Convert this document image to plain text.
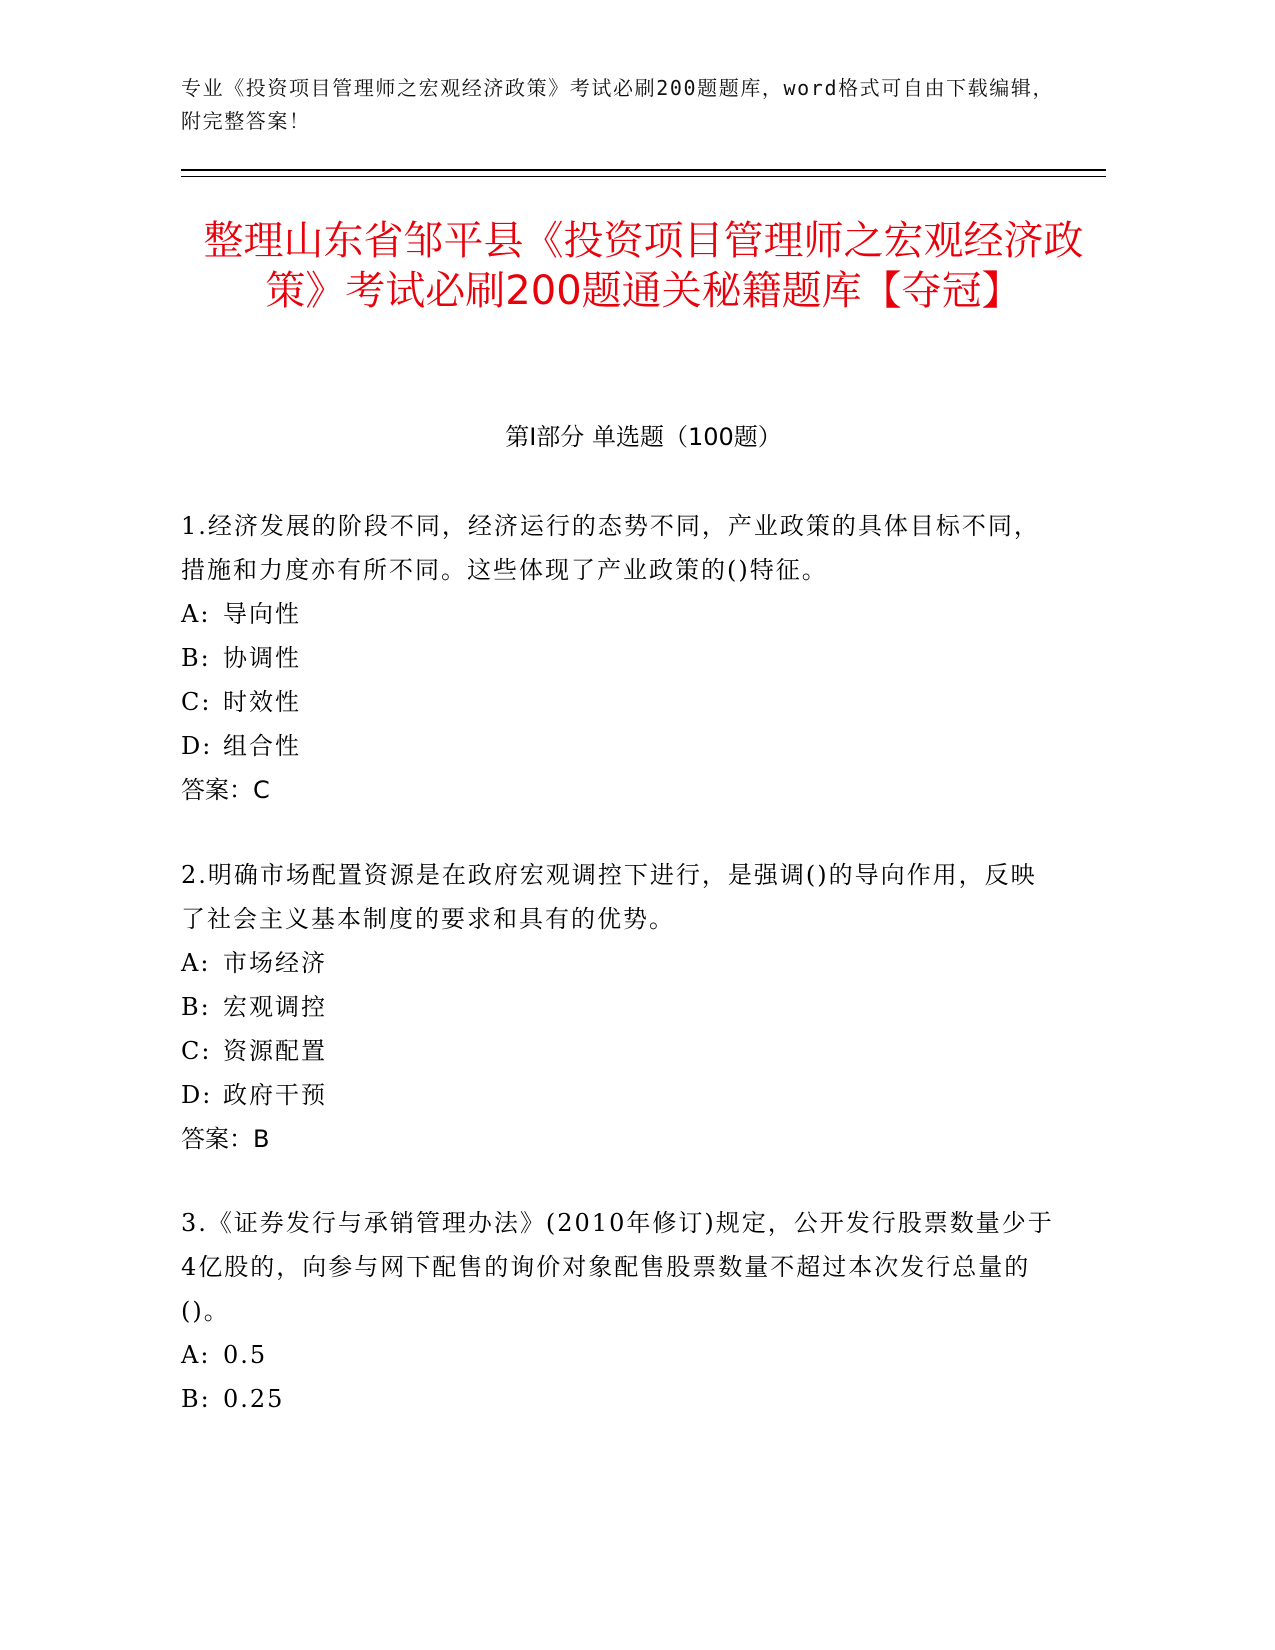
专业《投资项目管理师之宏观经济政策》考试必刷200题题库，word格式可自由下载编辑，附完整答案！
整理山东省邹平县《投资项目管理师之宏观经济政策》考试必刷200题通关秘籍题库【夺冠】
第Ⅰ部分 单选题（100题）

1.经济发展的阶段不同，经济运行的态势不同，产业政策的具体目标不同，措施和力度亦有所不同。这些体现了产业政策的()特征。

A: 导向性

B: 协调性

C: 时效性

D: 组合性

答案：C

2.明确市场配置资源是在政府宏观调控下进行，是强调()的导向作用，反映了社会主义基本制度的要求和具有的优势。

A: 市场经济

B: 宏观调控

C: 资源配置

D: 政府干预

答案：B

3.《证券发行与承销管理办法》(2010年修订)规定，公开发行股票数量少于4亿股的，向参与网下配售的询价对象配售股票数量不超过本次发行总量的()。

A: 0.5

B: 0.25
